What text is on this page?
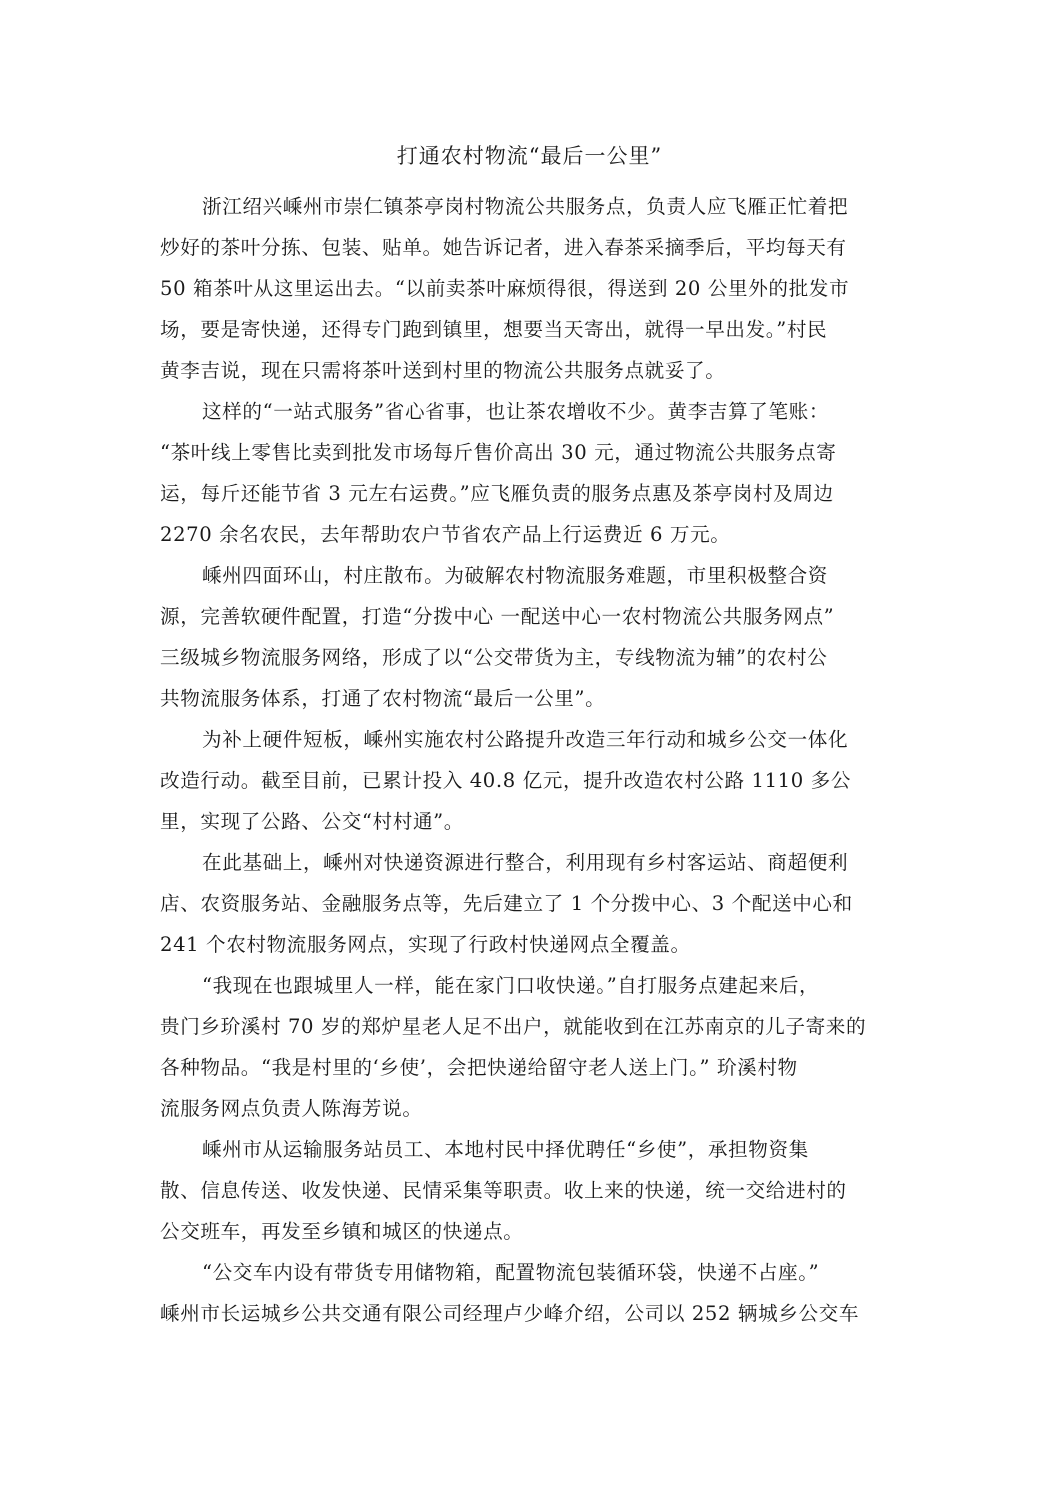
打通农村物流“最后一公里”
浙江绍兴嵊州市崇仁镇茶亭岗村物流公共服务点，负责人应飞雁正忙着把
炒好的茶叶分拣、包装、贴单。她告诉记者，进入春茶采摘季后，平均每天有
50 箱茶叶从这里运出去。“以前卖茶叶麻烦得很，得送到 20 公里外的批发市
场，要是寄快递，还得专门跑到镇里，想要当天寄出，就得一早出发。”村民
黄李吉说，现在只需将茶叶送到村里的物流公共服务点就妥了。
这样的“一站式服务”省心省事，也让茶农增收不少。黄李吉算了笔账：
“茶叶线上零售比卖到批发市场每斤售价高出 30 元，通过物流公共服务点寄
运，每斤还能节省 3 元左右运费。”应飞雁负责的服务点惠及茶亭岗村及周边
2270 余名农民，去年帮助农户节省农产品上行运费近 6 万元。
嵊州四面环山，村庄散布。为破解农村物流服务难题，市里积极整合资
源，完善软硬件配置，打造“分拨中心 一配送中心一农村物流公共服务网点”
三级城乡物流服务网络，形成了以“公交带货为主，专线物流为辅”的农村公
共物流服务体系，打通了农村物流“最后一公里”。
为补上硬件短板，嵊州实施农村公路提升改造三年行动和城乡公交一体化
改造行动。截至目前，已累计投入 40.8 亿元，提升改造农村公路 1110 多公
里，实现了公路、公交“村村通”。
在此基础上，嵊州对快递资源进行整合，利用现有乡村客运站、商超便利
店、农资服务站、金融服务点等，先后建立了 1 个分拨中心、3 个配送中心和
241 个农村物流服务网点，实现了行政村快递网点全覆盖。
“我现在也跟城里人一样，能在家门口收快递。”自打服务点建起来后，
贵门乡玠溪村 70 岁的郑炉星老人足不出户，就能收到在江苏南京的儿子寄来的
各种物品。“我是村里的‘乡使’，会把快递给留守老人送上门。” 玠溪村物
流服务网点负责人陈海芳说。
嵊州市从运输服务站员工、本地村民中择优聘任“乡使”，承担物资集
散、信息传送、收发快递、民情采集等职责。收上来的快递，统一交给进村的
公交班车，再发至乡镇和城区的快递点。
“公交车内设有带货专用储物箱，配置物流包装循环袋，快递不占座。”
嵊州市长运城乡公共交通有限公司经理卢少峰介绍，公司以 252 辆城乡公交车
